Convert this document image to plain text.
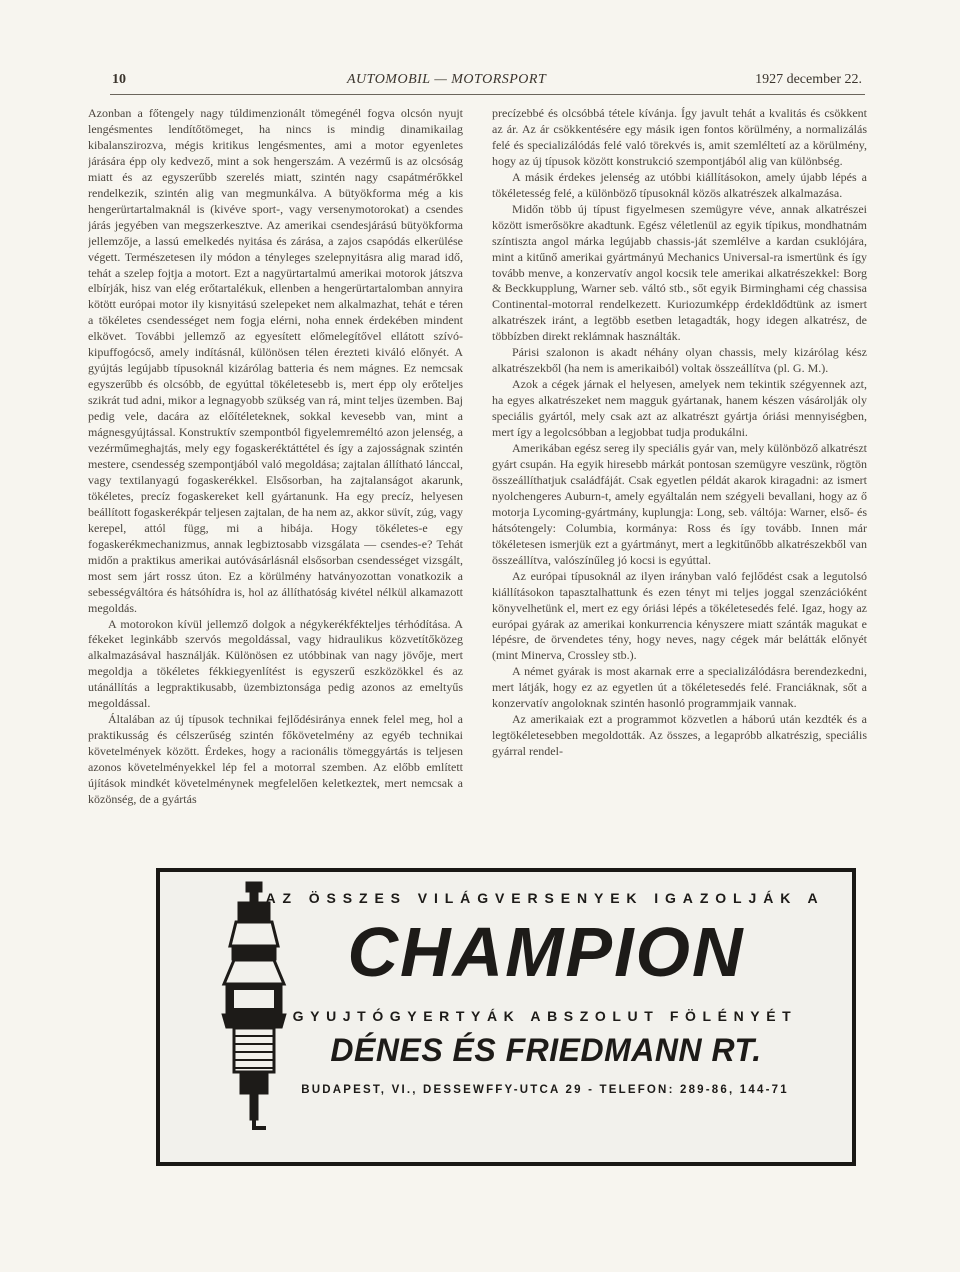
10	AUTOMOBIL — MOTORSPORT	1927 december 22.

Azonban a főtengely nagy túldimenzionált tömegénél fogva olcsón nyujt lengésmentes lendítőtömeget, ha nincs is mindig dinamikailag kibalanszirozva, mégis kritikus lengésmentes, ami a motor egyenletes járására épp oly kedvező, mint a sok hengerszám. A vezérmű is az olcsóság miatt és az egyszerűbb szerelés miatt, szintén nagy csapátmérőkkel rendelkezik, szintén alig van megmunkálva. A bütyökforma még a kis hengerürtartalmaknál is (kivéve sport-, vagy versenymotorokat) a csendes járás jegyében van megszerkesztve. Az amerikai csendesjárású bütyökforma jellemzője, a lassú emelkedés nyitása és zárása, a zajos csapódás elkerülése végett. Természetesen ily módon a tényleges szelepnyitásra alig marad idő, tehát a szelep fojtja a motort. Ezt a nagyürtartalmú amerikai motorok játszva elbírják, hisz van elég erőtartalékuk, ellenben a hengerürtartalomban annyira kötött európai motor ily kisnyitású szelepeket nem alkalmazhat, tehát e téren a tökéletes csendességet nem fogja elérni, noha ennek érdekében mindent elkövet. További jellemző az egyesített előmelegítővel ellátott szívó-kipuffogócső, amely indításnál, különösen télen érezteti kiváló előnyét. A gyújtás legújabb típusoknál kizárólag batteria és nem mágnes. Ez nemcsak egyszerűbb és olcsóbb, de egyúttal tökéletesebb is, mert épp oly erőteljes szikrát tud adni, mikor a legnagyobb szükség van rá, mint teljes üzemben. Baj pedig vele, dacára az előítéleteknek, sokkal kevesebb van, mint a mágnesgyújtással. Konstruktív szempontból figyelemreméltó azon jelenség, a vezérműmeghajtás, mely egy fogaskeréktáttétel és így a zajosságnak szintén mestere, csendesség szempontjából való megoldása; zajtalan állítható lánccal, vagy textilanyagú fogaskerékkel. Elsősorban, ha zajtalanságot akarunk, tökéletes, precíz fogaskereket kell gyártanunk. Ha egy precíz, helyesen beállított fogaskerékpár teljesen zajtalan, de ha nem az, akkor süvít, zúg, vagy kerepel, attól függ, mi a hibája. Hogy tökéletes-e egy fogaskerékmechanizmus, annak legbiztosabb vizsgálata — csendes-e? Tehát midőn a praktikus amerikai autóvásárlásnál elsősorban csendességet vizsgált, most sem járt rossz úton. Ez a körülmény hatványozottan vonatkozik a sebességváltóra és hátsóhídra is, hol az állíthatóság kivétel nélkül alkamazott megoldás.

A motorokon kívül jellemző dolgok a négykerékfékteljes térhódítása. A fékeket leginkább szervós megoldással, vagy hidraulikus közvetítőközeg alkalmazásával használják. Különösen ez utóbbinak van nagy jövője, mert megoldja a tökéletes fékkiegyenlítést is egyszerű eszközökkel és az utánállítás a legpraktikusabb, üzembiztonsága pedig azonos az emeltyűs megoldással.

Általában az új típusok technikai fejlődésiránya ennek felel meg, hol a praktikusság és célszerűség szintén főkövetelmény az egyéb technikai követelmények között. Érdekes, hogy a racionális tömeggyártás is teljesen azonos követelményekkel lép fel a motorral szemben. Az előbb említett újítások mindkét követelménynek megfelelően keletkeztek, mert nemcsak a közönség, de a gyártás

precízebbé és olcsóbbá tétele kívánja. Így javult tehát a kvalitás és csökkent az ár. Az ár csökkentésére egy másik igen fontos körülmény, a normalizálás felé és specializálódás felé való törekvés is, amit szemléltetí az a körülmény, hogy az új típusok között konstrukció szempontjából alig van különbség.

A másik érdekes jelenség az utóbbi kiállításokon, amely újabb lépés a tökéletesség felé, a különböző típusoknál közös alkatrészek alkalmazása.

Midőn több új típust figyelmesen szemügyre véve, annak alkatrészei között ismerősökre akadtunk. Egész véletlenül az egyik típikus, mondhatnám színtiszta angol márka legújabb chassis-ját szemlélve a kardan csuklójára, mint a kitűnő amerikai gyártmányú Mechanics Universal-ra ismertünk és így tovább menve, a konzervatív angol kocsik tele amerikai alkatrészekkel: Borg & Beckkupplung, Warner seb. váltó stb., sőt egyik Birminghami cég chassisa Continental-motorral rendelkezett. Kuriozumképp érdekldődtünk az ismert alkatrészek iránt, a legtöbb esetben letagadták, hogy idegen alkatrész, de többízben direkt reklámnak használták.

Párisi szalonon is akadt néhány olyan chassis, mely kizárólag kész alkatrészekből (ha nem is amerikaiból) voltak összeállítva (pl. G. M.).

Azok a cégek járnak el helyesen, amelyek nem tekintik szégyennek azt, ha egyes alkatrészeket nem magguk gyártanak, hanem készen vásárolják oly speciális gyártól, mely csak azt az alkatrészt gyártja óriási mennyiségben, mert így a legolcsóbban a legjobbat tudja produkálni.

Amerikában egész sereg ily speciális gyár van, mely különböző alkatrészt gyárt csupán. Ha egyik hiresebb márkát pontosan szemügyre veszünk, rögtön összeállíthatjuk családfáját. Csak egyetlen példát akarok kiragadni: az ismert nyolchengeres Auburn-t, amely egyáltalán nem szégyeli bevallani, hogy az ő motorja Lycoming-gyártmány, kuplungja: Long, seb. váltója: Warner, első- és hátsótengely: Columbia, kormánya: Ross és így tovább. Innen már tökéletesen ismerjük ezt a gyártmányt, mert a legkitűnőbb alkatrészekből van összeállítva, valószínűleg jó kocsi is egyúttal.

Az európai típusoknál az ilyen irányban való fejlődést csak a legutolsó kiállításokon tapasztalhattunk és ezen tényt mi teljes joggal szenzációként könyvelhetünk el, mert ez egy óriási lépés a tökéletesedés felé. Igaz, hogy az európai gyárak az amerikai konkurrencia kényszere miatt szánták magukat e lépésre, de örvendetes tény, hogy neves, nagy cégek már belátták előnyét (mint Minerva, Crossley stb.).

A német gyárak is most akarnak erre a specializálódásra berendezkedni, mert látják, hogy ez az egyetlen út a tökéletesedés felé. Franciáknak, sőt a konzervatív angoloknak szintén hasonló programmjaik vannak.

Az amerikaiak ezt a programmot közvetlen a háború után kezdték és a legtökéletesebben megoldották. Az összes, a legapróbb alkatrészig, speciális gyárral rendel-

AZ ÖSSZES VILÁGVERSENYEK IGAZOLJÁK A
CHAMPION
GYUJTÓGYERTYÁK ABSZOLUT FÖLÉNYÉT
DÉNES ÉS FRIEDMANN RT.
BUDAPEST, VI., DESSEWFFY-UTCA 29 - TELEFON: 289-86, 144-71
